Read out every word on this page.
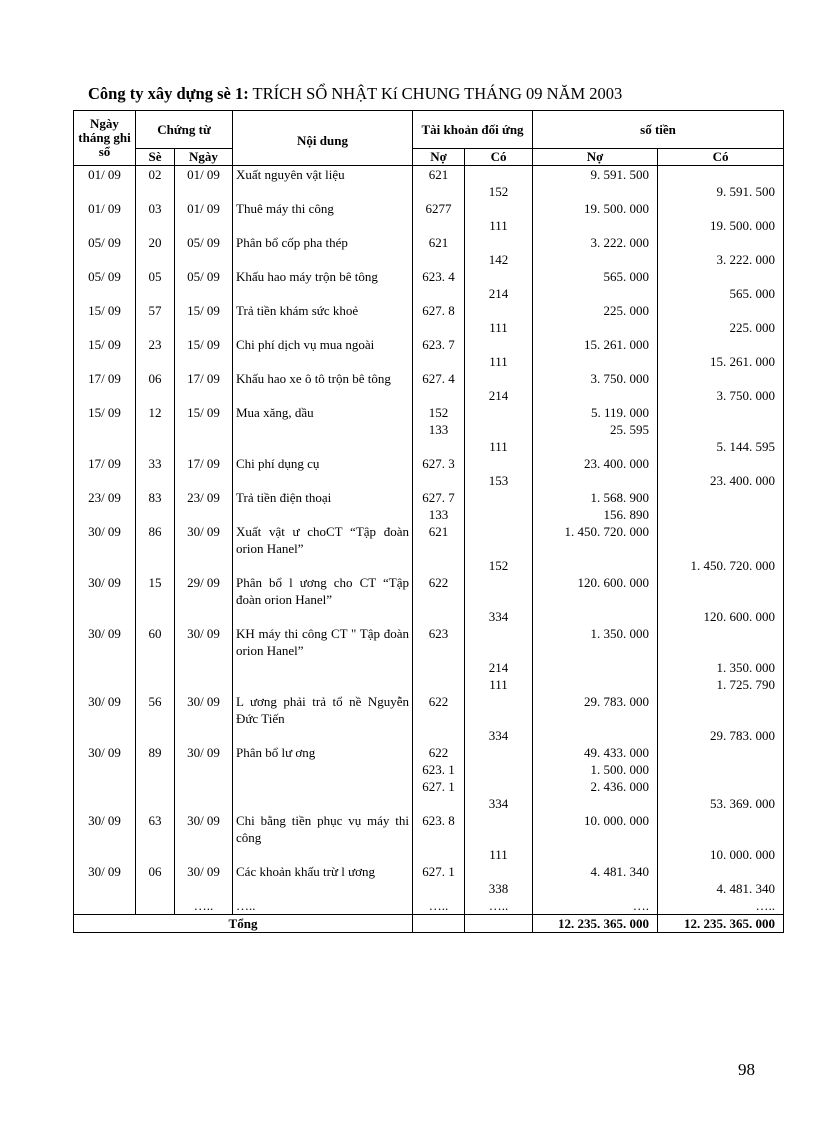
Công ty xây dựng sè 1: TRÍCH SỔ NHẬT Kí CHUNG THÁNG 09 NĂM 2003
Ngày tháng ghi sổ	Chứng từ		Nội dung	Tài khoản đối ứng		số tiền	
	Sè	Ngày		Nợ	Có	Nợ	Có
01/ 09	02	01/ 09	Xuất nguyên vật liệu	621		9. 591. 500	
					152		9. 591. 500
01/ 09	03	01/ 09	Thuê máy thi công	6277		19. 500. 000	
					111		19. 500. 000
05/ 09	20	05/ 09	Phân bổ cốp pha thép	621		3. 222. 000	
					142		3. 222. 000
05/ 09	05	05/ 09	Khấu hao máy trộn bê tông	623. 4		565. 000	
					214		565. 000
15/ 09	57	15/ 09	Trả tiền khám sức khoẻ	627. 8		225. 000	
					111		225. 000
15/ 09	23	15/ 09	Chi phí dịch vụ mua ngoài	623. 7		15. 261. 000	
					111		15. 261. 000
17/ 09	06	17/ 09	Khấu hao xe ô tô trộn bê tông	627. 4		3. 750. 000	
					214		3. 750. 000
15/ 09	12	15/ 09	Mua xăng, dầu	152		5. 119. 000	
				133		25. 595	
					111		5. 144. 595
17/ 09	33	17/ 09	Chi phí dụng cụ	627. 3		23. 400. 000	
					153		23. 400. 000
23/ 09	83	23/ 09	Trả tiền điện thoại	627. 7		1. 568. 900	
				133		156. 890	
30/ 09	86	30/ 09	Xuất vật ư choCT “Tập đoàn orion Hanel”	621		1. 450. 720. 000	
					152		1. 450. 720. 000
30/ 09	15	29/ 09	Phân bổ l ương cho CT “Tập đoàn orion Hanel”	622		120. 600. 000	
					334		120. 600. 000
30/ 09	60	30/ 09	KH máy thi công CT " Tập đoàn orion Hanel”	623		1. 350. 000	
					214		1. 350. 000
					111		1. 725. 790
30/ 09	56	30/ 09	L ương phải trả tổ nề Nguyễn Đức Tiến	622		29. 783. 000	
					334		29. 783. 000
30/ 09	89	30/ 09	Phân bổ lư ơng	622		49. 433. 000	
				623. 1		1. 500. 000	
				627. 1		2. 436. 000	
					334		53. 369. 000
30/ 09	63	30/ 09	Chi bằng tiền phục vụ máy thi công	623. 8		10. 000. 000	
					111		10. 000. 000
30/ 09	06	30/ 09	Các khoản khấu trừ l ương	627. 1		4. 481. 340	
					338		4. 481. 340
		…..	…..	…..	…..	….	…..
Tổng						12. 235. 365. 000	12. 235. 365. 000
98
